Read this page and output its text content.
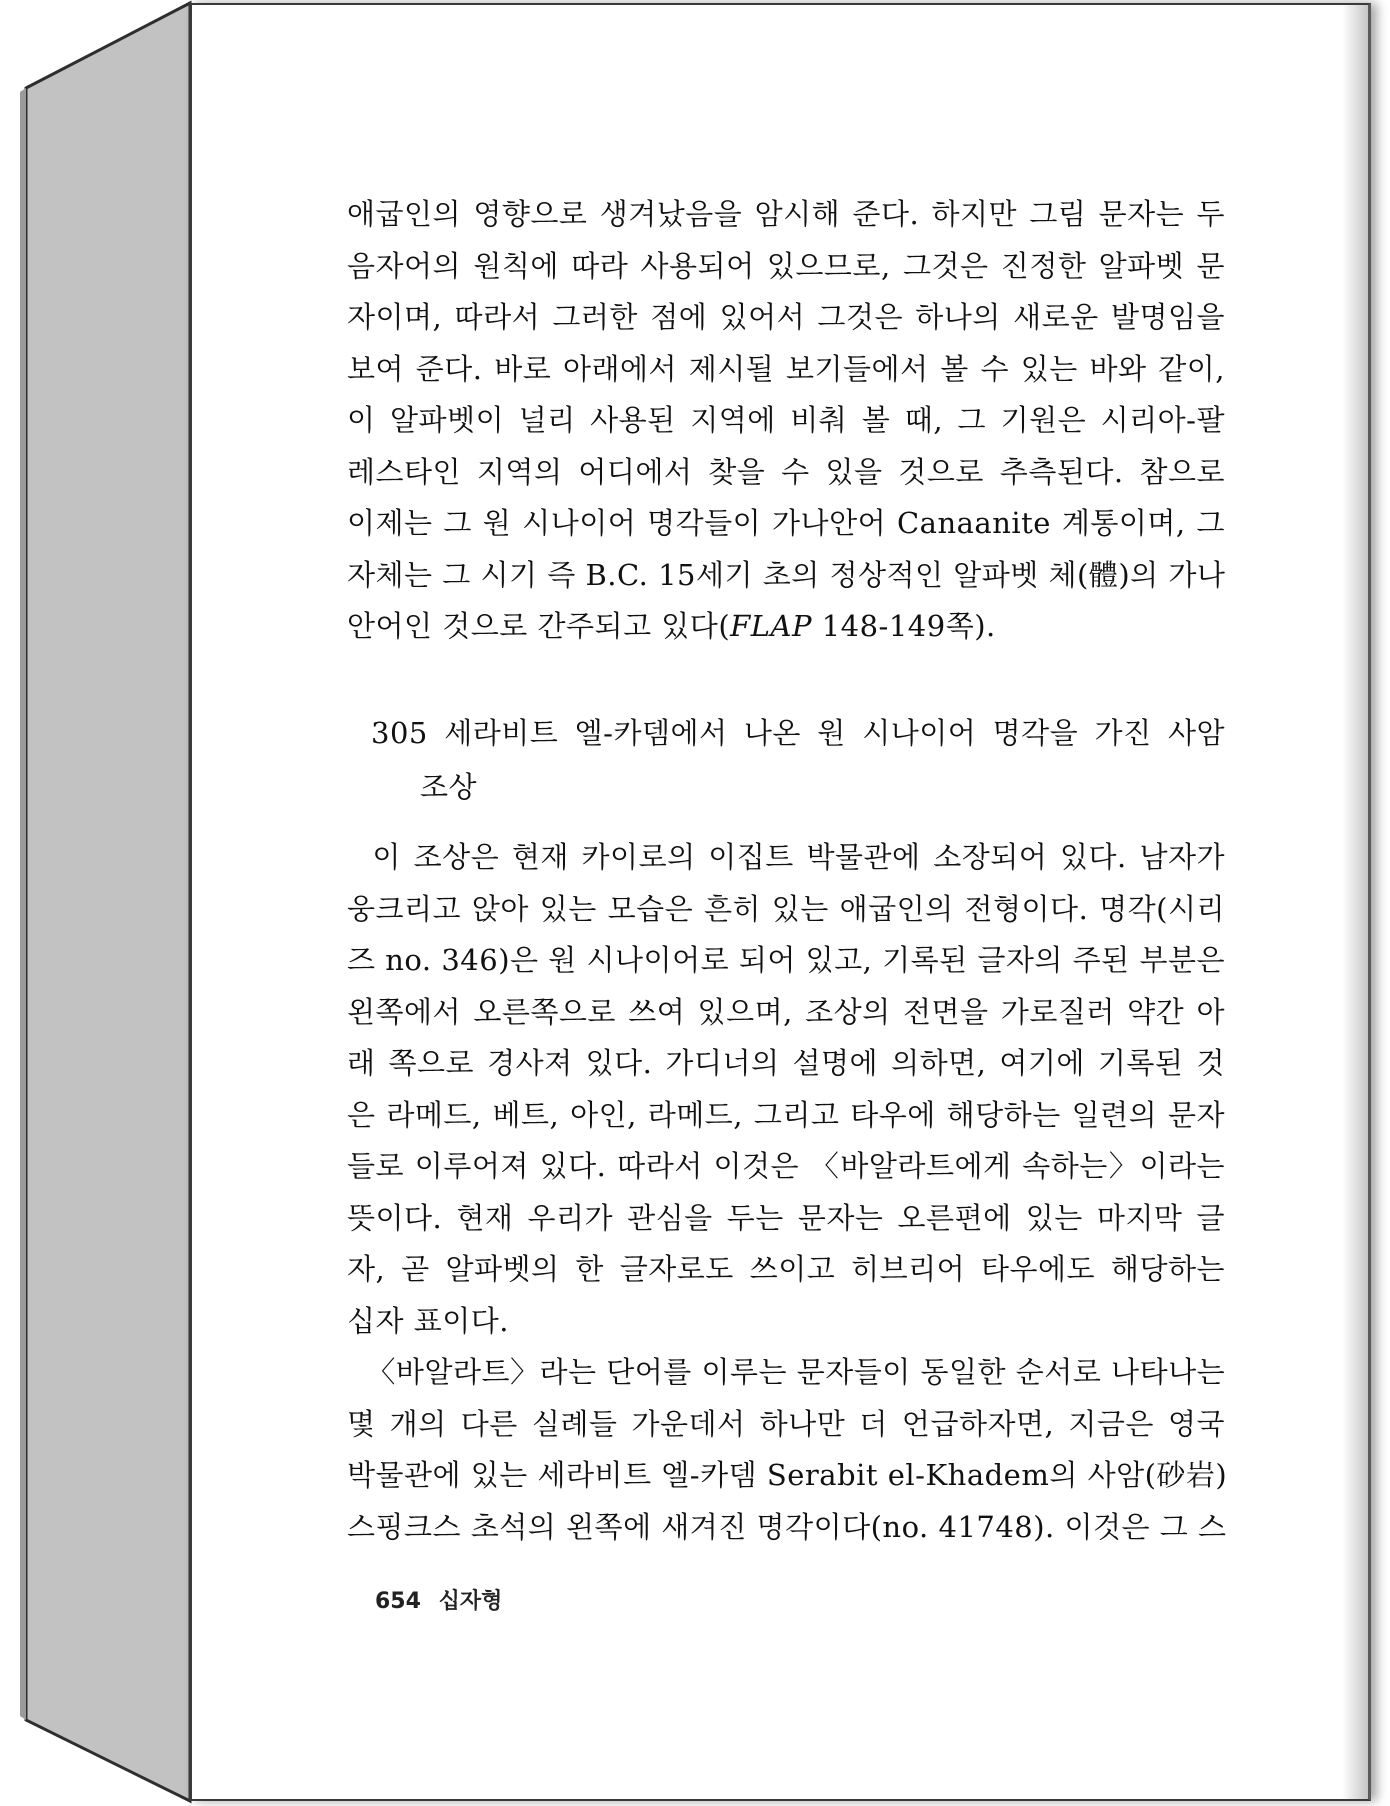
애굽인의 영향으로 생겨났음을 암시해 준다. 하지만 그림 문자는 두
음자어의 원칙에 따라 사용되어 있으므로, 그것은 진정한 알파벳 문
자이며, 따라서 그러한 점에 있어서 그것은 하나의 새로운 발명임을
보여 준다. 바로 아래에서 제시될 보기들에서 볼 수 있는 바와 같이,
이 알파벳이 널리 사용된 지역에 비춰 볼 때, 그 기원은 시리아-팔
레스타인 지역의 어디에서 찾을 수 있을 것으로 추측된다. 참으로
이제는 그 원 시나이어 명각들이 가나안어 Canaanite 계통이며, 그
자체는 그 시기 즉 B.C. 15세기 초의 정상적인 알파벳 체(體)의 가나
안어인 것으로 간주되고 있다(FLAP 148-149쪽).
305 세라비트 엘-카뎀에서 나온 원 시나이어 명각을 가진 사암
조상
이 조상은 현재 카이로의 이집트 박물관에 소장되어 있다. 남자가
웅크리고 앉아 있는 모습은 흔히 있는 애굽인의 전형이다. 명각(시리
즈 no. 346)은 원 시나이어로 되어 있고, 기록된 글자의 주된 부분은
왼쪽에서 오른쪽으로 쓰여 있으며, 조상의 전면을 가로질러 약간 아
래 쪽으로 경사져 있다. 가디너의 설명에 의하면, 여기에 기록된 것
은 라메드, 베트, 아인, 라메드, 그리고 타우에 해당하는 일련의 문자
들로 이루어져 있다. 따라서 이것은 〈바알라트에게 속하는〉이라는
뜻이다. 현재 우리가 관심을 두는 문자는 오른편에 있는 마지막 글
자, 곧 알파벳의 한 글자로도 쓰이고 히브리어 타우에도 해당하는
십자 표이다.
〈바알라트〉라는 단어를 이루는 문자들이 동일한 순서로 나타나는
몇 개의 다른 실례들 가운데서 하나만 더 언급하자면, 지금은 영국
박물관에 있는 세라비트 엘-카뎀 Serabit el-Khadem의 사암(砂岩)
스핑크스 초석의 왼쪽에 새겨진 명각이다(no. 41748). 이것은 그 스
654 십자형
